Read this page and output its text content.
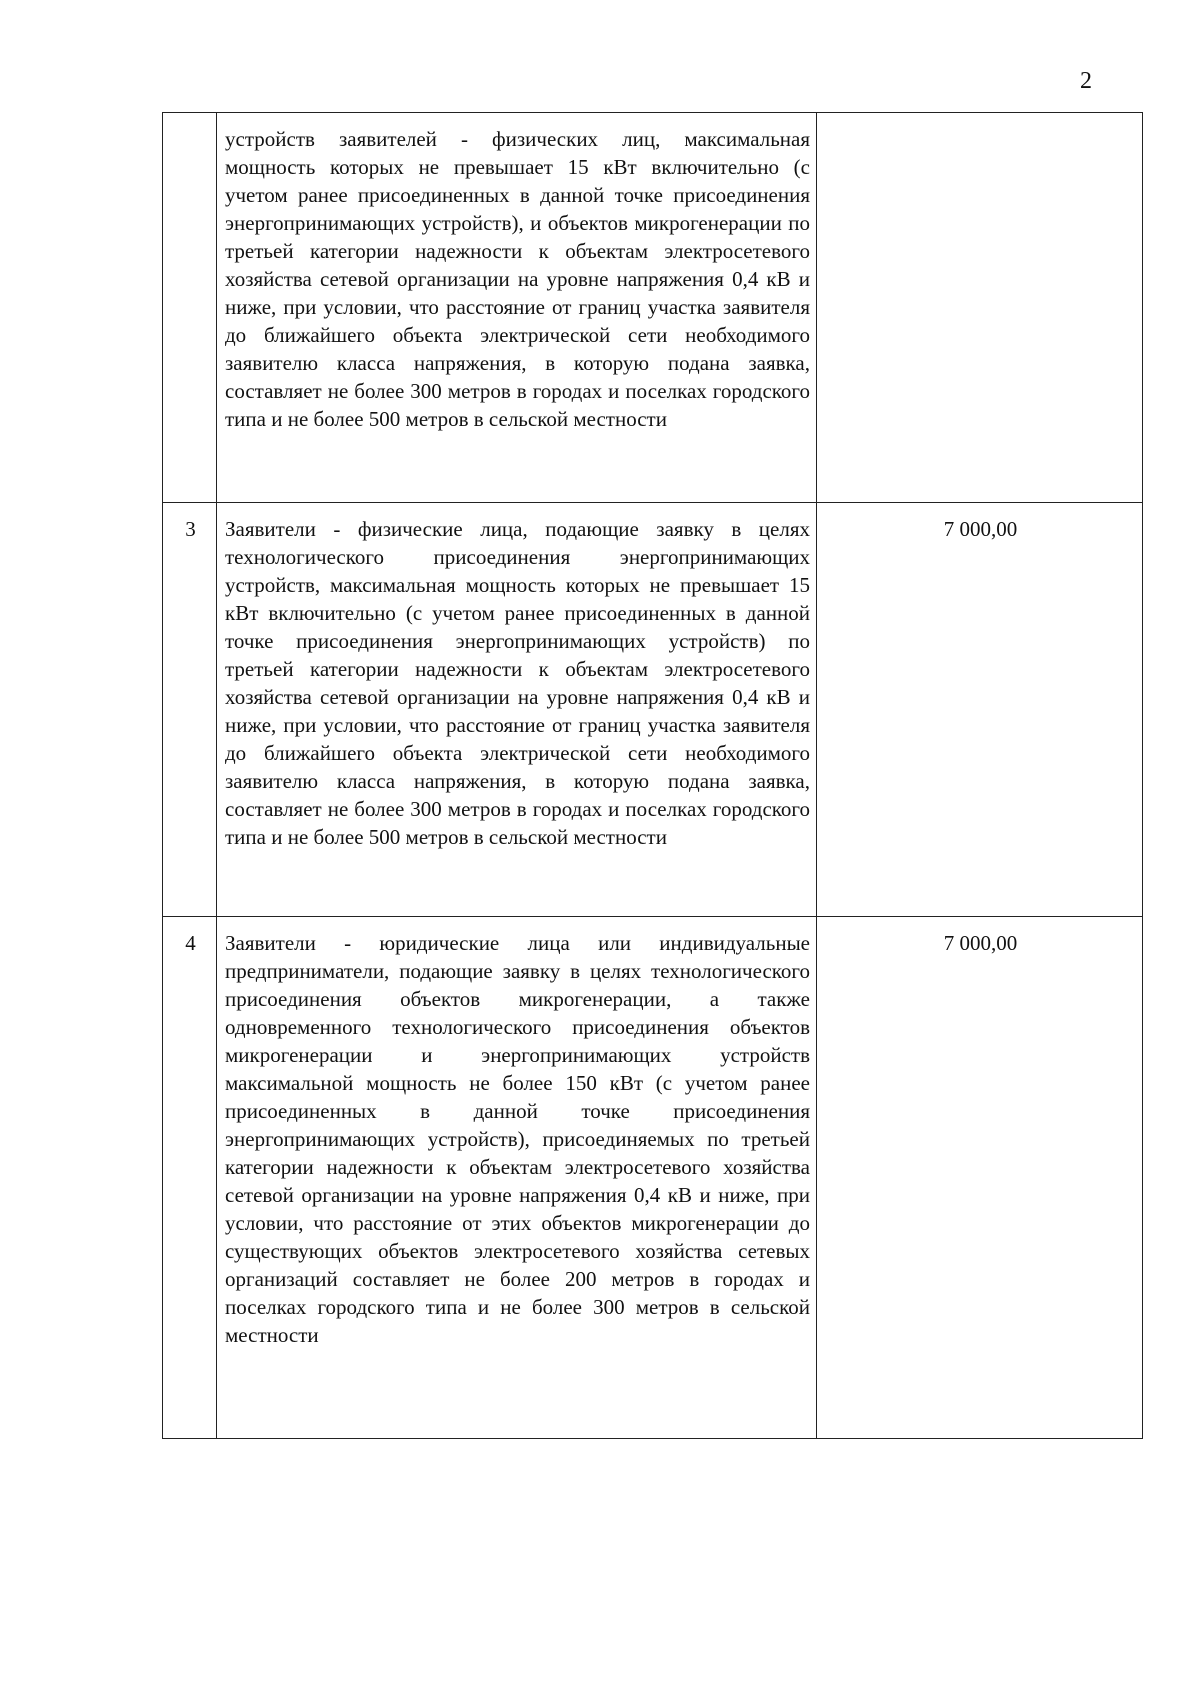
2
	устройств заявителей - физических лиц, максимальная мощность которых не превышает 15 кВт включительно (с учетом ранее присоединенных в данной точке присоединения энергопринимающих устройств), и объектов микрогенерации по третьей категории надежности к объектам электросетевого хозяйства сетевой организации на уровне напряжения 0,4 кВ и ниже, при условии, что расстояние от границ участка заявителя до ближайшего объекта электрической сети необходимого заявителю класса напряжения, в которую подана заявка, составляет не более 300 метров в городах и поселках городского типа и не более 500 метров в сельской местности	
3	Заявители - физические лица, подающие заявку в целях технологического присоединения энергопринимающих устройств, максимальная мощность которых не превышает 15 кВт включительно (с учетом ранее присоединенных в данной точке присоединения энергопринимающих устройств) по третьей категории надежности к объектам электросетевого хозяйства сетевой организации на уровне напряжения 0,4 кВ и ниже, при условии, что расстояние от границ участка заявителя до ближайшего объекта электрической сети необходимого заявителю класса напряжения, в которую подана заявка, составляет не более 300 метров в городах и поселках городского типа и не более 500 метров в сельской местности	7 000,00
4	Заявители - юридические лица или индивидуальные предприниматели, подающие заявку в целях технологического присоединения объектов микрогенерации, а также одновременного технологического присоединения объектов микрогенерации и энергопринимающих устройств максимальной мощность не более 150 кВт (с учетом ранее присоединенных в данной точке присоединения энергопринимающих устройств), присоединяемых по третьей категории надежности к объектам электросетевого хозяйства сетевой организации на уровне напряжения 0,4 кВ и ниже, при условии, что расстояние от этих объектов микрогенерации до существующих объектов электросетевого хозяйства сетевых организаций составляет не более 200 метров в городах и поселках городского типа и не более 300 метров в сельской местности	7 000,00
